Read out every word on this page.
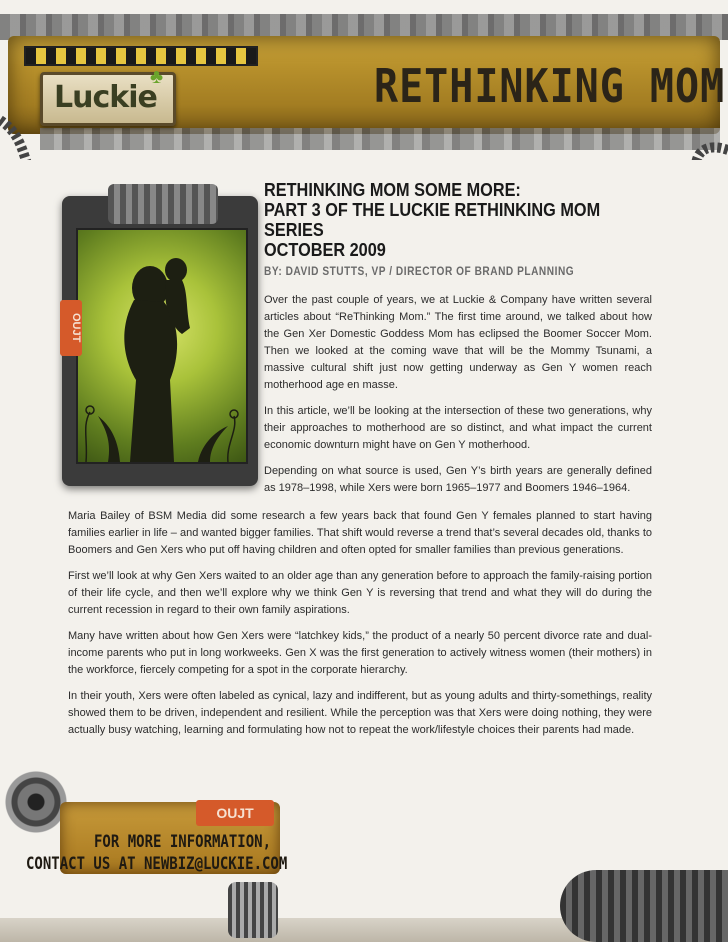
Luckie
♣	RETHINKING MOM
OUJT
RETHINKING MOM SOME MORE:
PART 3 OF THE LUCKIE RETHINKING MOM SERIES
OCTOBER 2009

BY: DAVID STUTTS, VP / DIRECTOR OF BRAND PLANNING

Over the past couple of years, we at Luckie & Company have written several articles about “ReThinking Mom.” The first time around, we talked about how the Gen Xer Domestic Goddess Mom has eclipsed the Boomer Soccer Mom. Then we looked at the coming wave that will be the Mommy Tsunami, a massive cultural shift just now getting underway as Gen Y women reach motherhood age en masse.

In this article, we’ll be looking at the intersection of these two generations, why their approaches to motherhood are so distinct, and what impact the current economic downturn might have on Gen Y motherhood.

Depending on what source is used, Gen Y’s birth years are generally defined as 1978–1998, while Xers were born 1965–1977 and Boomers 1946–1964.

Maria Bailey of BSM Media did some research a few years back that found Gen Y females planned to start having families earlier in life – and wanted bigger families. That shift would reverse a trend that’s several decades old, thanks to Boomers and Gen Xers who put off having children and often opted for smaller families than previous generations.

First we’ll look at why Gen Xers waited to an older age than any generation before to approach the family-raising portion of their life cycle, and then we’ll explore why we think Gen Y is reversing that trend and what they will do during the current recession in regard to their own family aspirations.

Many have written about how Gen Xers were “latchkey kids,” the product of a nearly 50 percent divorce rate and dual-income parents who put in long workweeks. Gen X was the first generation to actively witness women (their mothers) in the workforce, fiercely competing for a spot in the corporate hierarchy.

In their youth, Xers were often labeled as cynical, lazy and indifferent, but as young adults and thirty-somethings, reality showed them to be driven, independent and resilient. While the perception was that Xers were doing nothing, they were actually busy watching, learning and formulating how not to repeat the work/lifestyle choices their parents had made.

OUJT
FOR MORE INFORMATION,
CONTACT US AT NEWBIZ@LUCKIE.COM
